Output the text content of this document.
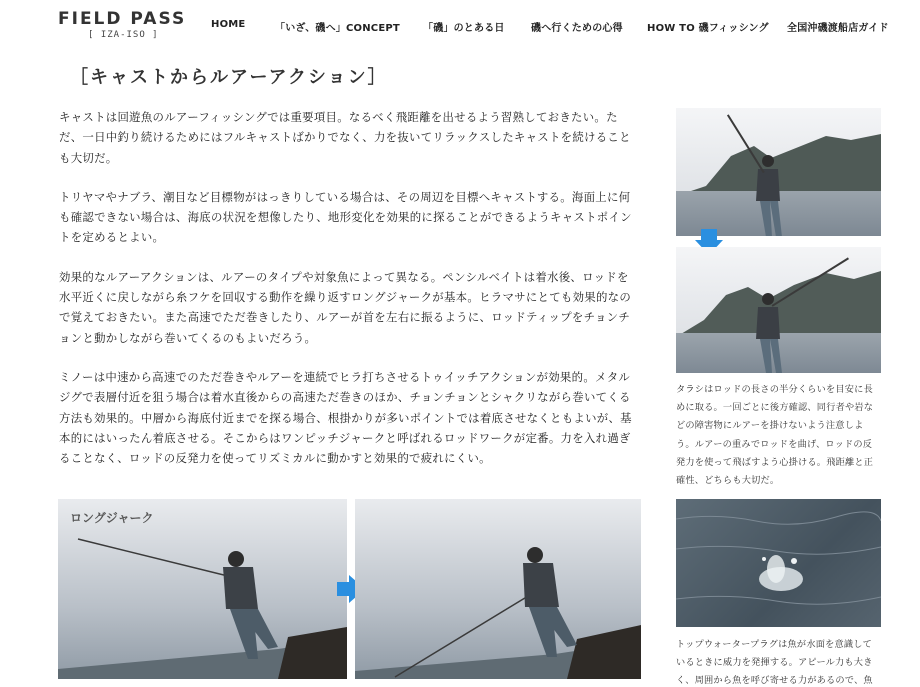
FIELD PASS
[ IZA-ISO ]
HOME	「いざ、磯へ」CONCEPT 「磯」のとある日	磯へ行くための心得 HOW TO 磯フィッシング 全国沖磯渡船店ガイド
［キャストからルアーアクション］

キャストは回遊魚のルアーフィッシングでは重要項目。なるべく飛距離を出せるよう習熟しておきたい。ただ、一日中釣り続けるためにはフルキャストばかりでなく、力を抜いてリラックスしたキャストを続けることも大切だ。

トリヤマやナブラ、潮目など目標物がはっきりしている場合は、その周辺を目標へキャストする。海面上に何も確認できない場合は、海底の状況を想像したり、地形変化を効果的に探ることができるようキャストポイントを定めるとよい。

効果的なルアーアクションは、ルアーのタイプや対象魚によって異なる。ペンシルベイトは着水後、ロッドを水平近くに戻しながら糸フケを回収する動作を繰り返すロングジャークが基本。ヒラマサにとても効果的なので覚えておきたい。また高速でただ巻きしたり、ルアーが首を左右に振るように、ロッドティップをチョンチョンと動かしながら巻いてくるのもよいだろう。

ミノーは中速から高速でのただ巻きやルアーを連続でヒラ打ちさせるトゥイッチアクションが効果的。メタルジグで表層付近を狙う場合は着水直後からの高速ただ巻きのほか、チョンチョンとシャクリながら巻いてくる方法も効果的。中層から海底付近までを探る場合、根掛かりが多いポイントでは着底させなくともよいが、基本的にはいったん着底させる。そこからはワンピッチジャークと呼ばれるロッドワークが定番。力を入れ過ぎることなく、ロッドの反発力を使ってリズミカルに動かすと効果的で疲れにくい。

タラシはロッドの長さの半分くらいを目安に長めに取る。一回ごとに後方確認、同行者や岩などの障害物にルアーを掛けないよう注意しよう。ルアーの重みでロッドを曲げ、ロッドの反発力を使って飛ばすよう心掛ける。飛距離と正確性、どちらも大切だ。
トップウォータープラグは魚が水面を意識しているときに威力を発揮する。アピール力も大きく、周囲から魚を呼び寄せる力があるので、魚
ロングジャーク
